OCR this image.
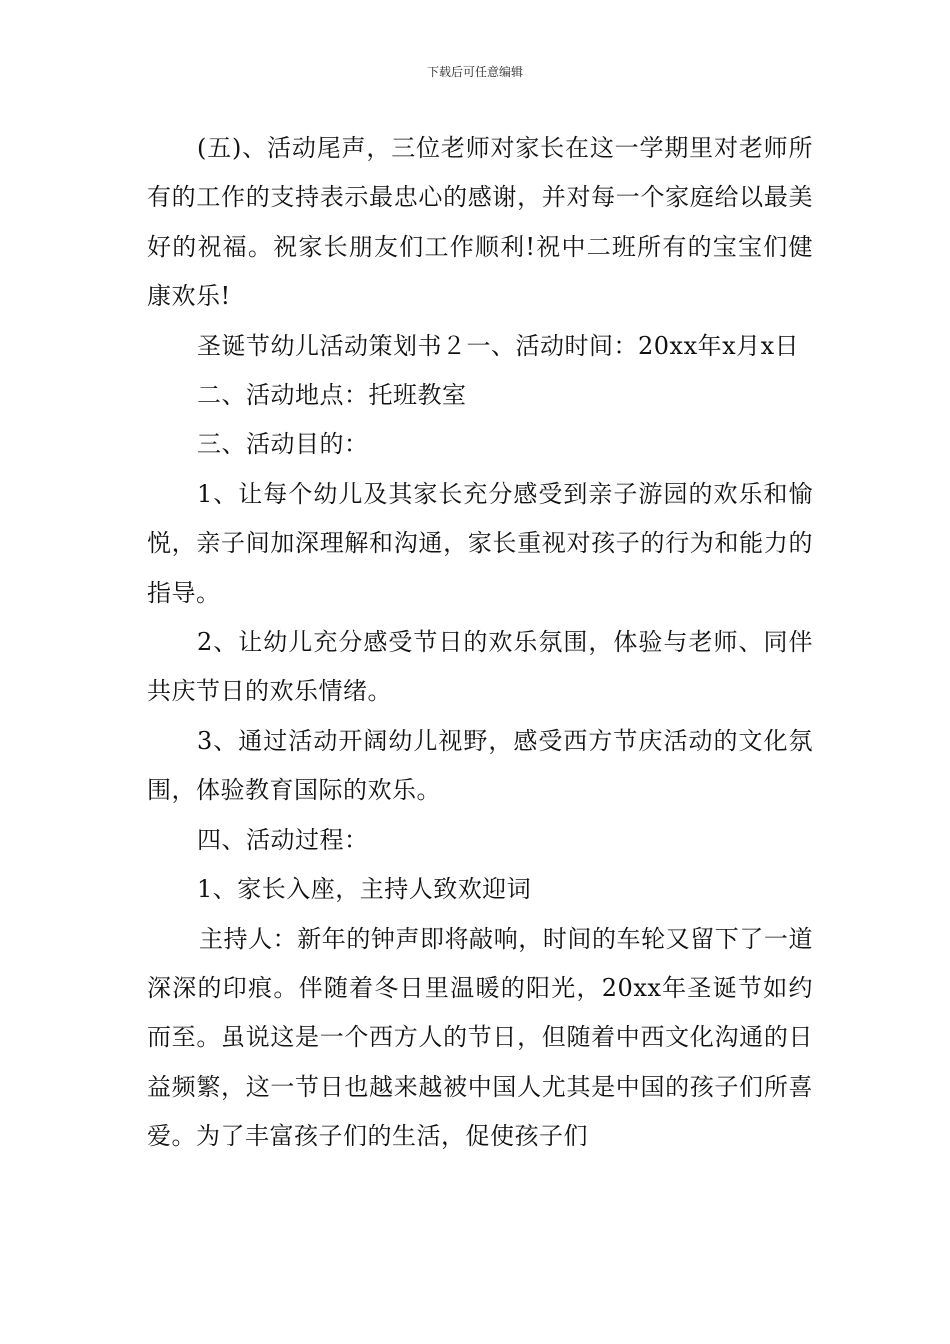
下载后可任意编辑

(五)、活动尾声，三位老师对家长在这一学期里对老师所有的工作的支持表示最忠心的感谢，并对每一个家庭给以最美好的祝福。祝家长朋友们工作顺利!祝中二班所有的宝宝们健康欢乐!

圣诞节幼儿活动策划书２一、活动时间：20xx年x月x日

二、活动地点：托班教室

三、活动目的：

1、让每个幼儿及其家长充分感受到亲子游园的欢乐和愉悦，亲子间加深理解和沟通，家长重视对孩子的行为和能力的指导。

2、让幼儿充分感受节日的欢乐氛围，体验与老师、同伴共庆节日的欢乐情绪。

3、通过活动开阔幼儿视野，感受西方节庆活动的文化氛围，体验教育国际的欢乐。

四、活动过程：

1、家长入座，主持人致欢迎词

主持人：新年的钟声即将敲响，时间的车轮又留下了一道深深的印痕。伴随着冬日里温暖的阳光，20xx年圣诞节如约而至。虽说这是一个西方人的节日，但随着中西文化沟通的日益频繁，这一节日也越来越被中国人尤其是中国的孩子们所喜爱。为了丰富孩子们的生活，促使孩子们
